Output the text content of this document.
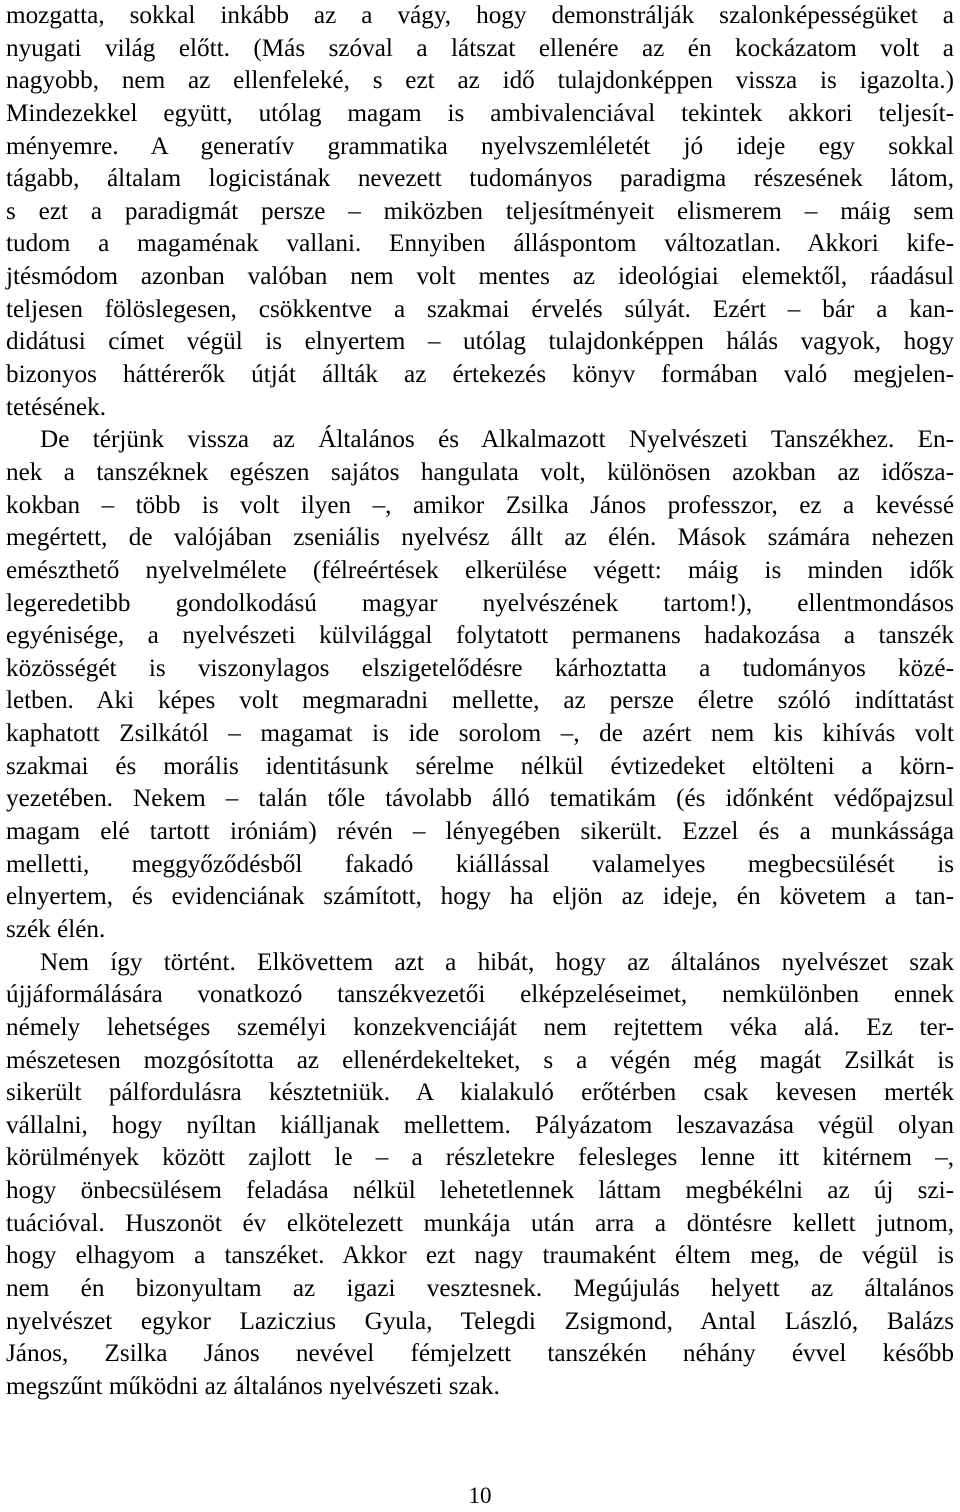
mozgatta, sokkal inkább az a vágy, hogy demonstrálják szalonképességüket a
nyugati világ előtt. (Más szóval a látszat ellenére az én kockázatom volt a
nagyobb, nem az ellenfeleké, s ezt az idő tulajdonképpen vissza is igazolta.)
Mindezekkel együtt, utólag magam is ambivalenciával tekintek akkori teljesít-
ményemre. A generatív grammatika nyelvszemléletét jó ideje egy sokkal
tágabb, általam logicistának nevezett tudományos paradigma részesének látom,
s ezt a paradigmát persze – miközben teljesítményeit elismerem – máig sem
tudom a magaménak vallani. Ennyiben álláspontom változatlan. Akkori kife-
jtésmódom azonban valóban nem volt mentes az ideológiai elemektől, ráadásul
teljesen fölöslegesen, csökkentve a szakmai érvelés súlyát. Ezért – bár a kan-
didátusi címet végül is elnyertem – utólag tulajdonképpen hálás vagyok, hogy
bizonyos háttérerők útját állták az értekezés könyv formában való megjelen-
tetésének.
De térjünk vissza az Általános és Alkalmazott Nyelvészeti Tanszékhez. En-
nek a tanszéknek egészen sajátos hangulata volt, különösen azokban az idősza-
kokban – több is volt ilyen –, amikor Zsilka János professzor, ez a kevéssé
megértett, de valójában zseniális nyelvész állt az élén. Mások számára nehezen
emészthető nyelvelmélete (félreértések elkerülése végett: máig is minden idők
legeredetibb gondolkodású magyar nyelvészének tartom!), ellentmondásos
egyénisége, a nyelvészeti külvilággal folytatott permanens hadakozása a tanszék
közösségét is viszonylagos elszigetelődésre kárhoztatta a tudományos közé-
letben. Aki képes volt megmaradni mellette, az persze életre szóló indíttatást
kaphatott Zsilkától – magamat is ide sorolom –, de azért nem kis kihívás volt
szakmai és morális identitásunk sérelme nélkül évtizedeket eltölteni a körn-
yezetében. Nekem – talán tőle távolabb álló tematikám (és időnként védőpajzsul
magam elé tartott iróniám) révén – lényegében sikerült. Ezzel és a munkássága
melletti, meggyőződésből fakadó kiállással valamelyes megbecsülését is
elnyertem, és evidenciának számított, hogy ha eljön az ideje, én követem a tan-
szék élén.
Nem így történt. Elkövettem azt a hibát, hogy az általános nyelvészet szak
újjáformálására vonatkozó tanszékvezetői elképzeléseimet, nemkülönben ennek
némely lehetséges személyi konzekvenciáját nem rejtettem véka alá. Ez ter-
mészetesen mozgósította az ellenérdekelteket, s a végén még magát Zsilkát is
sikerült pálfordulásra késztetniük. A kialakuló erőtérben csak kevesen merték
vállalni, hogy nyíltan kiálljanak mellettem. Pályázatom leszavazása végül olyan
körülmények között zajlott le – a részletekre felesleges lenne itt kitérnem –,
hogy önbecsülésem feladása nélkül lehetetlennek láttam megbékélni az új szi-
tuációval. Huszonöt év elkötelezett munkája után arra a döntésre kellett jutnom,
hogy elhagyom a tanszéket. Akkor ezt nagy traumaként éltem meg, de végül is
nem én bizonyultam az igazi vesztesnek. Megújulás helyett az általános
nyelvészet egykor Laziczius Gyula, Telegdi Zsigmond, Antal László, Balázs
János, Zsilka János nevével fémjelzett tanszékén néhány évvel később
megszűnt működni az általános nyelvészeti szak.
10
